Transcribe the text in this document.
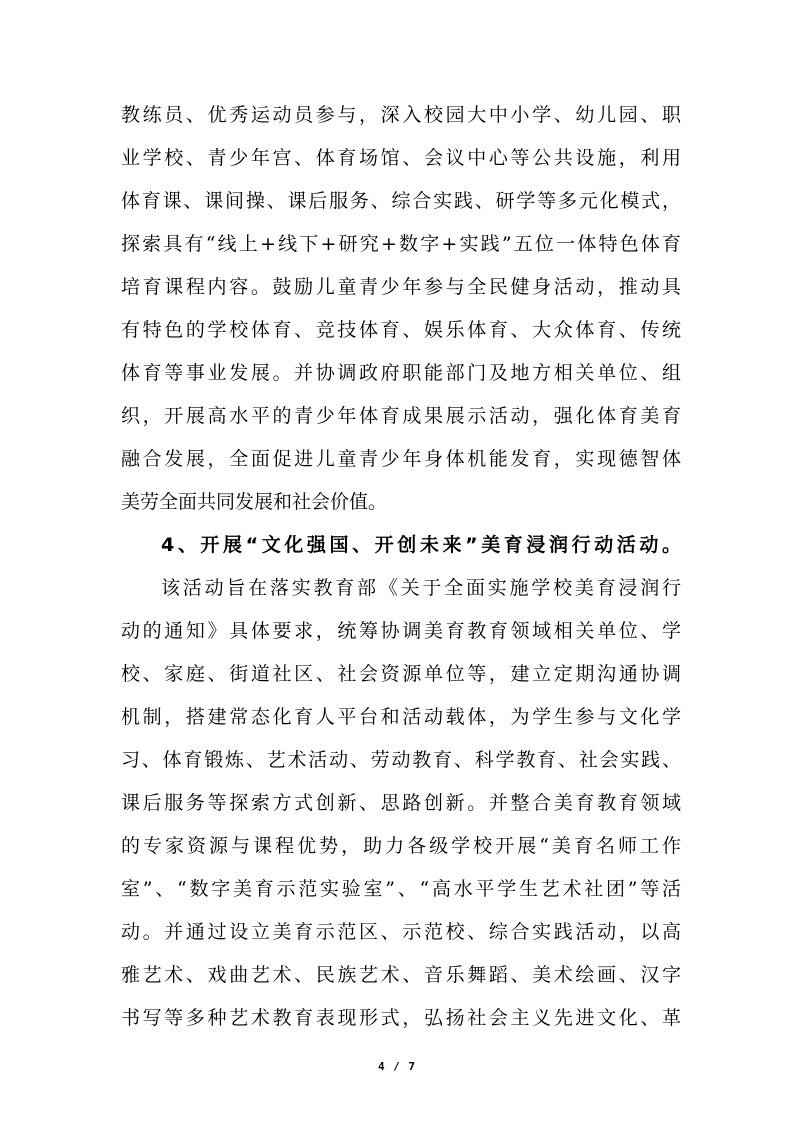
教练员、优秀运动员参与，深入校园大中小学、幼儿园、职
业学校、青少年宫、体育场馆、会议中心等公共设施，利用
体育课、课间操、课后服务、综合实践、研学等多元化模式，
探索具有“线上+线下+研究+数字+实践”五位一体特色体育
培育课程内容。鼓励儿童青少年参与全民健身活动，推动具
有特色的学校体育、竞技体育、娱乐体育、大众体育、传统
体育等事业发展。并协调政府职能部门及地方相关单位、组
织，开展高水平的青少年体育成果展示活动，强化体育美育
融合发展，全面促进儿童青少年身体机能发育，实现德智体
美劳全面共同发展和社会价值。
4、开展“文化强国、开创未来”美育浸润行动活动。
该活动旨在落实教育部《关于全面实施学校美育浸润行
动的通知》具体要求，统筹协调美育教育领域相关单位、学
校、家庭、街道社区、社会资源单位等，建立定期沟通协调
机制，搭建常态化育人平台和活动载体，为学生参与文化学
习、体育锻炼、艺术活动、劳动教育、科学教育、社会实践、
课后服务等探索方式创新、思路创新。并整合美育教育领域
的专家资源与课程优势，助力各级学校开展“美育名师工作
室”、“数字美育示范实验室”、“高水平学生艺术社团”等活
动。并通过设立美育示范区、示范校、综合实践活动，以高
雅艺术、戏曲艺术、民族艺术、音乐舞蹈、美术绘画、汉字
书写等多种艺术教育表现形式，弘扬社会主义先进文化、革
4 / 7
